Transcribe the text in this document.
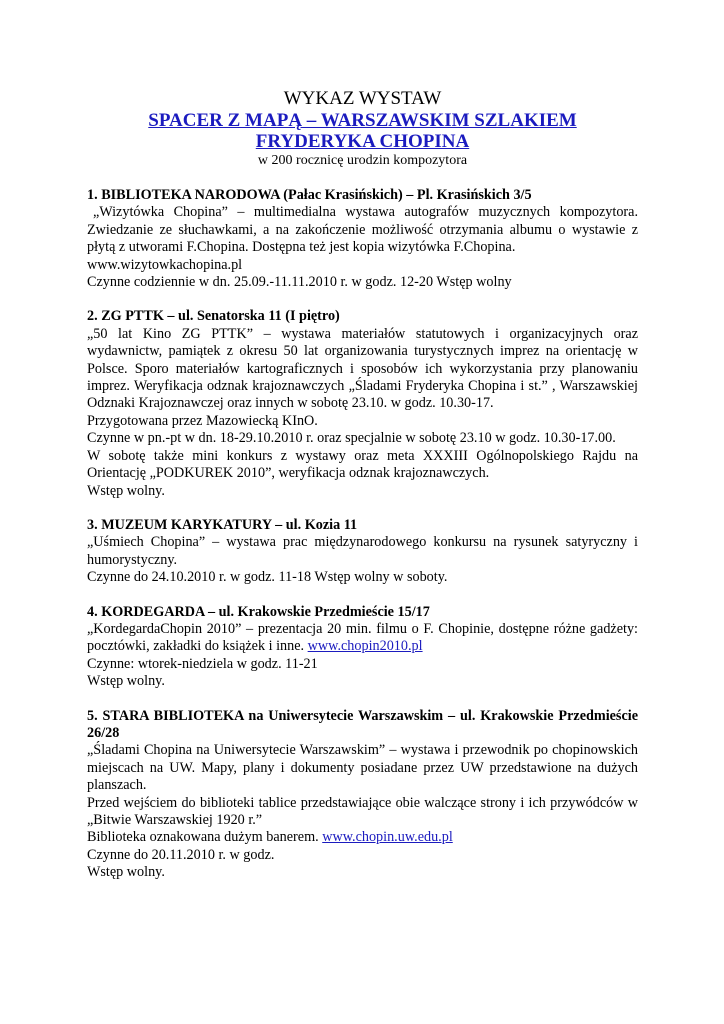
WYKAZ WYSTAW
SPACER Z MAPĄ – WARSZAWSKIM SZLAKIEM
FRYDERYKA CHOPINA
w 200 rocznicę urodzin kompozytora
1. BIBLIOTEKA NARODOWA (Pałac Krasińskich) – Pl. Krasińskich 3/5
„Wizytówka Chopina” – multimedialna wystawa autografów muzycznych kompozytora. Zwiedzanie ze słuchawkami, a na zakończenie możliwość otrzymania albumu o wystawie z płytą z utworami F.Chopina. Dostępna też jest kopia wizytówka F.Chopina.
www.wizytowkachopina.pl
Czynne codziennie w dn. 25.09.-11.11.2010 r. w godz. 12-20 Wstęp wolny
2. ZG PTTK – ul. Senatorska 11 (I piętro)
„50 lat Kino ZG PTTK” – wystawa materiałów statutowych i organizacyjnych oraz wydawnictw, pamiątek z okresu 50 lat organizowania turystycznych imprez na orientację w Polsce. Sporo materiałów kartograficznych i sposobów ich wykorzystania przy planowaniu imprez. Weryfikacja odznak krajoznawczych „Śladami Fryderyka Chopina i st.” , Warszawskiej Odznaki Krajoznawczej oraz innych w sobotę 23.10. w godz. 10.30-17.
Przygotowana przez Mazowiecką KInO.
Czynne w pn.-pt w dn. 18-29.10.2010 r. oraz specjalnie w sobotę 23.10 w godz. 10.30-17.00.
W sobotę także mini konkurs z wystawy oraz meta XXXIII Ogólnopolskiego Rajdu na Orientację „PODKUREK 2010”, weryfikacja odznak krajoznawczych.
Wstęp wolny.
3. MUZEUM KARYKATURY – ul. Kozia 11
„Uśmiech Chopina” – wystawa prac międzynarodowego konkursu na rysunek satyryczny i humorystyczny.
Czynne do 24.10.2010 r. w godz. 11-18 Wstęp wolny w soboty.
4. KORDEGARDA – ul. Krakowskie Przedmieście 15/17
„KordegardaChopin 2010” – prezentacja 20 min. filmu o F. Chopinie, dostępne różne gadżety: pocztówki, zakładki do książek i inne. www.chopin2010.pl
Czynne: wtorek-niedziela w godz. 11-21
Wstęp wolny.
5. STARA BIBLIOTEKA na Uniwersytecie Warszawskim – ul. Krakowskie Przedmieście 26/28
„Śladami Chopina na Uniwersytecie Warszawskim” – wystawa i przewodnik po chopinowskich miejscach na UW. Mapy, plany i dokumenty posiadane przez UW przedstawione na dużych planszach.
Przed wejściem do biblioteki tablice przedstawiające obie walczące strony i ich przywódców w „Bitwie Warszawskiej 1920 r.”
Biblioteka oznakowana dużym banerem. www.chopin.uw.edu.pl
Czynne do 20.11.2010 r. w godz.
Wstęp wolny.
